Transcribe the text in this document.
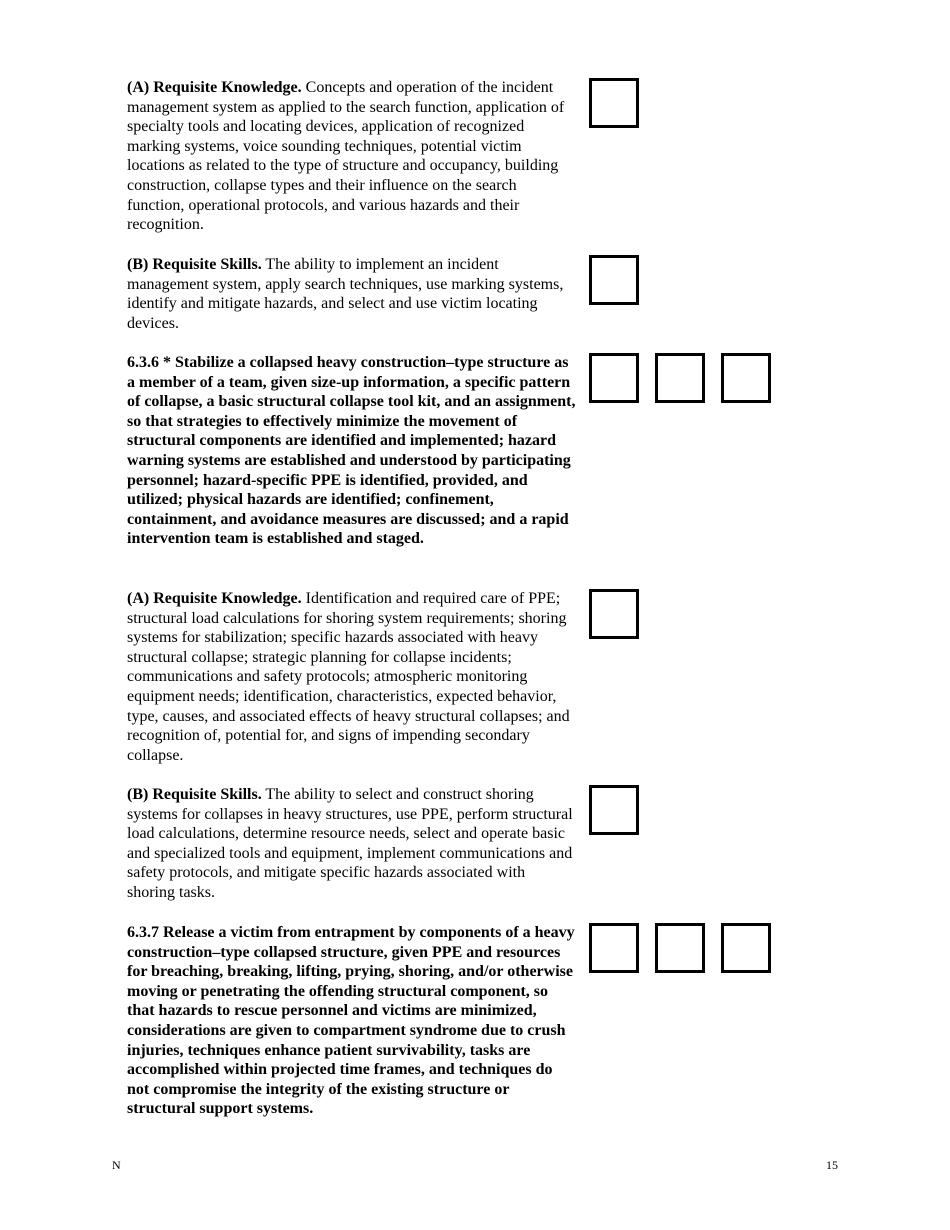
(A) Requisite Knowledge. Concepts and operation of the incident management system as applied to the search function, application of specialty tools and locating devices, application of recognized marking systems, voice sounding techniques, potential victim locations as related to the type of structure and occupancy, building construction, collapse types and their influence on the search function, operational protocols, and various hazards and their recognition.
(B) Requisite Skills. The ability to implement an incident management system, apply search techniques, use marking systems, identify and mitigate hazards, and select and use victim locating devices.
6.3.6 * Stabilize a collapsed heavy construction–type structure as a member of a team, given size-up information, a specific pattern of collapse, a basic structural collapse tool kit, and an assignment, so that strategies to effectively minimize the movement of structural components are identified and implemented; hazard warning systems are established and understood by participating personnel; hazard-specific PPE is identified, provided, and utilized; physical hazards are identified; confinement, containment, and avoidance measures are discussed; and a rapid intervention team is established and staged.
(A) Requisite Knowledge. Identification and required care of PPE; structural load calculations for shoring system requirements; shoring systems for stabilization; specific hazards associated with heavy structural collapse; strategic planning for collapse incidents; communications and safety protocols; atmospheric monitoring equipment needs; identification, characteristics, expected behavior, type, causes, and associated effects of heavy structural collapses; and recognition of, potential for, and signs of impending secondary collapse.
(B) Requisite Skills. The ability to select and construct shoring systems for collapses in heavy structures, use PPE, perform structural load calculations, determine resource needs, select and operate basic and specialized tools and equipment, implement communications and safety protocols, and mitigate specific hazards associated with shoring tasks.
6.3.7 Release a victim from entrapment by components of a heavy construction–type collapsed structure, given PPE and resources for breaching, breaking, lifting, prying, shoring, and/or otherwise moving or penetrating the offending structural component, so that hazards to rescue personnel and victims are minimized, considerations are given to compartment syndrome due to crush injuries, techniques enhance patient survivability, tasks are accomplished within projected time frames, and techniques do not compromise the integrity of the existing structure or structural support systems.
N	15
